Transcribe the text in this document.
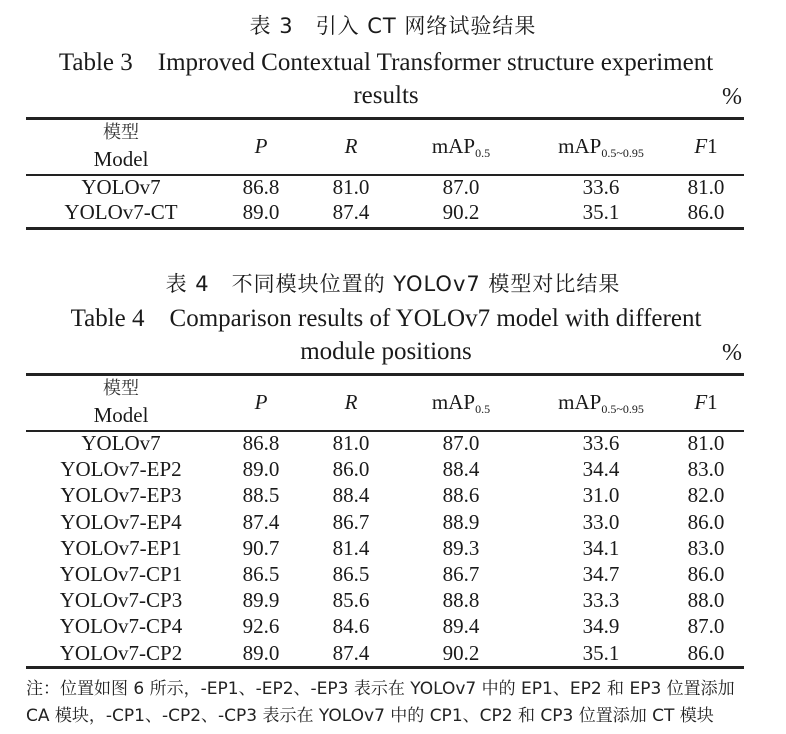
表 3　引入 CT 网络试验结果
Table 3　Improved Contextual Transformer structure experiment results	%
模型
Model
P	R	mAP$_{0.5}$	mAP$_{0.5\sim 0.95}$	F1
YOLOv7	86.8	81.0	87.0	33.6	81.0
YOLOv7-CT	89.0	87.4	90.2	35.1	86.0
表 4　不同模块位置的 YOLOv7 模型对比结果
Table 4　Comparison results of YOLOv7 model with different module positions	%
模型
Model
P	R	mAP$_{0.5}$	mAP$_{0.5\sim 0.95}$	F1
YOLOv7	86.8	81.0	87.0	33.6	81.0
YOLOv7-EP2	89.0	86.0	88.4	34.4	83.0
YOLOv7-EP3	88.5	88.4	88.6	31.0	82.0
YOLOv7-EP4	87.4	86.7	88.9	33.0	86.0
YOLOv7-EP1	90.7	81.4	89.3	34.1	83.0
YOLOv7-CP1	86.5	86.5	86.7	34.7	86.0
YOLOv7-CP3	89.9	85.6	88.8	33.3	88.0
YOLOv7-CP4	92.6	84.6	89.4	34.9	87.0
YOLOv7-CP2	89.0	87.4	90.2	35.1	86.0
注：位置如图 6 所示，-EP1、-EP2、-EP3 表示在 YOLOv7 中的 EP1、EP2 和 EP3 位置添加 CA 模块，-CP1、-CP2、-CP3 表示在 YOLOv7 中的 CP1、CP2 和 CP3 位置添加 CT 模块
